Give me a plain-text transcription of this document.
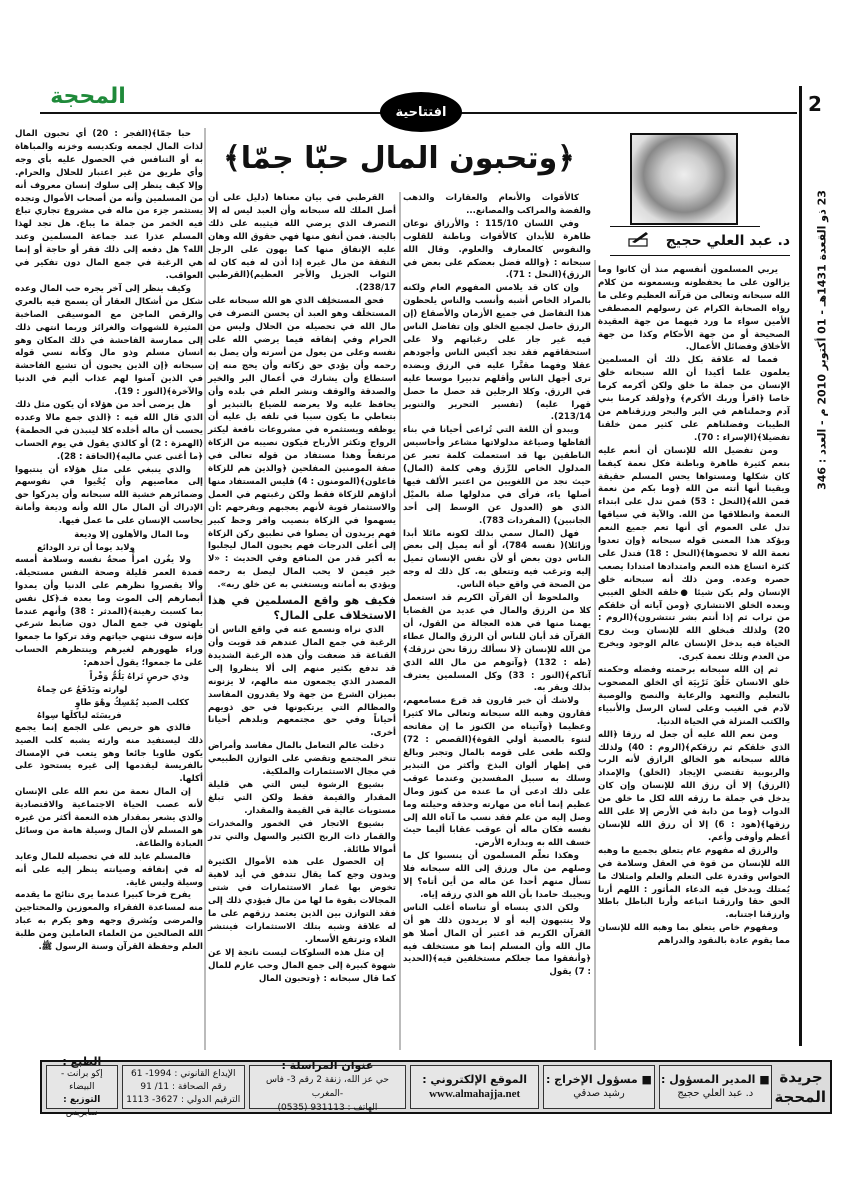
المحجة
افتتاحية	2
23 ذو القعدة 1431هـ - 01 أكتوبر 2010 م - العدد : 346
﴿وتحبون المال حبّا جمّا﴾
د. عبد العلي حجيج

يربي المسلمون أنفسهم منذ أن كانوا وما يزالون على ما يحفظونه ويسمعونه من كلام الله سبحانه وتعالى من قرآنه العظيم وعلى ما رواه الصحابة الكرام عن رسولهم المصطفى الأمين سواء ما ورد فيهما من جهة العقيدة الصحيحة أو من جهة الأحكام وكذا من جهة الأخلاق وفضائل الأعمال.

فمما له علاقة بكل ذلك أن المسلمين يعلمون علما أكيدا أن الله سبحانه خلق الإنسان من جملة ما خلق ولكن أكرمه كرما خاصا ﴿اقرأ وربك الأكرم﴾ و﴿ولقد كرمنا بني آدم وحملناهم في البر والبحر ورزقناهم من الطيبات وفضلناهم على كثير ممن خلقنا تفضيلا﴾(الإسراء : 70).

ومن تفضيل الله للإنسان أن أنعم عليه بنعم كثيرة ظاهرة وباطنة فكل نعمة كيفما كان شكلها ومستواها يحس المسلم حقيقة ويقينا أنها أتته من الله ﴿وما بكم من نعمة فمن الله﴾(النحل : 53) فمن تدل على ابتداء النعمة وانطلاقها من الله. والآية في سياقها تدل على العموم أي أنها تعم جميع النعم ويؤكد هذا المعنى قوله سبحانه ﴿وإن تعدوا نعمة الله لا تحصوها﴾(النحل : 18) فتدل على كثرة اتساع هذه النعم وامتدادها امتدادا يصعب حصره وعده. ومن ذلك أنه سبحانه خلق الإنسان ولم يكن شيئا ●خلقه الخلق الغيبي وبعده الخلق الانتشاري ﴿ومن آياته أن خلقكم من تراب ثم إذا أنتم بشر تنتشرون﴾(الروم : 20) ولذلك فبخلق الله للإنسان وبث روح الحياة فيه يدخل الإنسان عالم الوجود ويخرج من العدم وتلك نعمة كبرى.

ثم إن الله سبحانه برحمته وفضله وحكمته خلق الانسان خَلْقَ تَرْبِيَة أي الخلق المصحوب بالتعليم والتعهد والرعاية والنصح والوصية لآدم في الغيب وعلى لسان الرسل والأنبياء والكتب المنزلة في الحياة الدنيا.

ومن نعم الله عليه أن جعل له رزقا ﴿الله الذي خلقكم ثم رزقكم﴾(الروم : 40) ولذلك فالله سبحانه هو الخالق الرازق لأنه الرب والربوبية تقتضي الإيجاد (الخلق) والإمداد (الرزق) إلا أن رزق الله للإنسان وإن كان يدخل في جملة ما رزقه الله لكل ما خلق من الدواب ﴿وما من دابة في الأرض إلا على الله رزقها﴾(هود : 6) إلا أن رزق الله للإنسان أعظم وأوفى وأعم.

والرزق له مفهوم عام يتعلق بجميع ما وهبه الله للإنسان من قوة في العقل وسلامة في الحواس وقدرة على التعلم والعلم وامتلاك ما يُمتلك ويدخل فيه الدعاء المأثور : اللهم أرنا الحق حقا وارزقنا اتباعه وأرنا الباطل باطلا وارزقنا اجتنابه.

ومفهوم خاص يتعلق بما وهبه الله للإنسان مما يقوم عادة بالنقود والدراهم

كالأقوات والأنعام والعقارات والذهب والفضة والمراكب والمصانع...

وفي اللسان 115/10 : والأرزاق نوعان ظاهرة للأبدان كالأقوات وباطنة للقلوب والنفوس كالمعارف والعلوم. وقال الله سبحانه : ﴿والله فضل بعضكم على بعض في الرزق﴾(النحل : 71).

وإن كان قد يلامس المفهوم العام ولكنه بالمراد الخاص أشبه وأنسب والناس يلحظون هذا التفاضل في جميع الأزمان والأصقاع (إن الرزق حاصل لجميع الخلق وإن تفاضل الناس فيه غير جار على رغباتهم ولا على استحقاقهم فقد تجد أكيس الناس وأجودهم عقلا وفهما مقتَّرا عليه في الرزق وبضده ترى أجهل الناس وأقلهم تدبيرا موسعا عليه في الرزق. وكلا الرجلين قد حصل ما حصل قهرا عليه) (تفسير التحرير والتنوير 213/14).

ويبدو أن اللغة التي تُراعى أحيانا في بناء ألفاظها وصياغة مدلولاتها مشاعر وأحاسيس الناطقين بها قد استعملت كلمة تعبر عن المدلول الخاص للرِّزق وهي كلمة (المال) حيث نجد من اللغويين من اعتبر الألف فيها أصلها ياء، فرأى في مدلولها صلة بالميْل الذي هو (العدول عن الوسط إلى أحد الجانبين) (المفردات 783).

فهل (المال سمي بذلك لكونه مائلا أبدا وزائلا)( نفسه 784)، أو أنه يميل إلى بعض الناس دون بعض أو لأن نفس الإنسان تميل إليه وترغب فيه وتتعلق به. كل ذلك له وجه من الصحة في واقع حياة الناس.

والملحوظ أن القرآن الكريم قد استعمل كلا من الرزق والمال في عديد من القضايا يهمنا منها في هذه العجالة من القول، أن القرآن قد أبان للناس أن الرزق والمال عطاء من الله للإنسان ﴿لا نسألك رزقا نحن نرزقك﴾(طه : 132) ﴿وآتوهم من مال الله الذي آتاكم﴾(النور : 33) وكل المسلمين يعترف بذلك ويقر به.

ولاشك أن خبر قارون قد قرع مسامعهم، فقارون وهبه الله سبحانه وتعالى مالا كثيرا وعظيما ﴿وآتيناه من الكنوز ما إن مفاتحه لتنوء بالعصبة أولي القوة﴾(القصص : 72) ولكنه طغى على قومه بالمال وتجبر وبالغ في إظهار ألوان البذخ وأكثر من التبذير وسلك به سبيل المفسدين وعندما عوقب على ذلك ادعى أن ما عنده من كنوز ومال عظيم إنما أتاه من مهارته وحذقه وحيلته وما وصل إليه من علم فقد نسب ما آتاه الله إلى نفسه فكان ماله أن عوقب عقابا أليما حيث خسف الله به وبداره الأرض.

وهكذا تعلّم المسلمون أن ينسبوا كل ما وصلهم من مال ورزق إلى الله سبحانه فلا تسأل منهم أحدا عن ماله من أين أتاه؟ إلا ويجيبك حامدا بأن الله هو الذي رزقه إياه.

ولكن الذي ينساه أو تناساه أغلب الناس ولا ينتبهون إليه أو لا يريدون ذلك هو أن القرآن الكريم قد اعتبر أن المال أصلا هو مال الله وأن المسلم إنما هو مستخلف فيه ﴿وأنفقوا مما جعلكم مستخلفين فيه﴾(الحديد : 7) يقول

القرطبي في بيان معناها (دليل على أن أصل الملك لله سبحانه وأن العبد ليس له إلا التصرف الذي يرضي الله فيثيبه على ذلك بالجنة. فمن أنفق منها فهي حقوق الله وهان عليه الإنفاق منها كما يهون على الرجل النفقة من مال غيره إذا أذن له فيه كان له الثواب الجزيل والأجر العظيم)(القرطبي 238/17).

فحق المستخلِف الذي هو الله سبحانه على المستخلَف وهو العبد أن يحسن التصرف في مال الله في تحصيله من الحلال وليس من الحرام وفي إنفاقه فيما يرضي الله على نفسه وعلى من يعول من أسرته وأن يصل به رحمه وأن يؤدي حق زكاته وأن يحج منه إن استطاع وأن يشارك في أعمال البر والخير والصدقة والوقف ونشر العلم في بلده وأن يحافظ عليه ولا يعرضه للضياع بالتبذير أو بتعاطي ما يكون سببا في تلفه بل عليه أن يوظفه ويستثمره في مشروعات نافعة ليكثر الرواج وتكثر الأرباح فيكون نصيبه من الزكاة مرتفعاً وهذا مستفاد من قوله تعالى في صفة المومنين المفلحين ﴿والذين هم للزكاة فاعلون﴾(المومنون : 4) فليس المستفاد منها أداؤهم للزكاة فقط ولكن رغبتهم في العمل والاستثمار قوية لأنهم يعجبهم ويفرحهم :أن يسهموا في الزكاة بنصيب وافر وحظ كبير فهم يريدون أن يصلوا في تطبيق ركن الزكاة إلى أعلى الدرجات فهم يحبون المال ليجلبوا به أكبر قدر من المنافع وفي الحديث : «لا خير فيمن لا يحب المال ليصل به رحمه ويؤدي به أمانته ويستغني به عن خلق ربه».

فكيف هو واقع المسلمين في هذا الاستخلاف على المال؟

الذي نراه ونسمع عنه في واقع الناس أن الرغبة في جمع المال عندهم قد قويت وأن القناعة قد ضعفت وأن هذه الرغبة الشديدة قد تدفع بكثير منهم إلى ألا ينظروا إلى المصدر الذي يجمعون منه مالهم، لا يزنونه بميزان الشرع من جهة ولا يقدرون المفاسد والمظالم التي يرتكبونها في حق ذويهم أحياناً وفي حق مجتمعهم وبلدهم أحيانا أخرى.

دخلت عالم التعامل بالمال مفاسد وأمراض تنخر المجتمع وتقضي على التوازن الطبيعي في مجال الاستثمارات والملكية.

بشيوع الرشوة ليس التي هي قليلة المقدار والقيمة فقط ولكن التي تبلغ مستويات عالية في القيمة والمقدار.

بشيوع الاتجار في الخمور والمخدرات والقمار ذات الربح الكثير والسهل والتي تدر أموالا طائلة.

إن الحصول على هذه الأموال الكثيرة وبدون وجع كما يقال تتدفق في أيد لاهية تخوض بها غمار الاستثمارات في شتى المجالات بقوة ما لها من مال فيؤدي ذلك إلى فقد التوازن بين الذين يعتمد رزقهم على ما له علاقة وشبه بتلك الاستثمارات فينتشر الغلاء وترتفع الأسعار.

إن مثل هذه السلوكات ليست ناتجة إلا عن شهوة كبيرة إلى جمع المال وحب عارم للمال كما قال سبحانه : ﴿وتحبون المال

حبا جمّا﴾(الفجر : 20) أي تحبون المال لذات المال لجمعه وتكديسه وخزنه والمباهاة به أو التنافس في الحصول عليه بأي وجه وأي طريق من غير اعتبار للحلال والحرام. وإلا كيف ينظر إلى سلوك إنسان معروف أنه من المسلمين وأنه من أصحاب الأموال وتجده يستثمر جزء من ماله في مشروع تجاري تباع فيه الخمر من جملة ما يباع. هل تجد لهذا المسلم عذرا عند جماعة المسلمين وعند الله؟ هل دفعه إلى ذلك فقر أو حاجة أو إنما هي الرغبة في جمع المال دون تفكير في العواقب.

وكيف ينظر إلى آخر يجره حب المال وعده شكل من أشكال العقار أن يسمح فيه بالعري والرقص الماجن مع الموسيقى الصاخبة المثيرة للشهوات والغرائز وربما انتهى ذلك إلى ممارسة الفاحشة في ذلك المكان وهو انسان مسلم وذو مال وكأنه نسي قوله سبحانه ﴿إن الذين يحبون أن تشيع الفاحشة في الذين آمنوا لهم عذاب أليم في الدنيا والآخرة﴾(النور : 19).

هل يرضى أحد من هؤلاء أن يكون مثل ذلك الذي قال الله فيه : ﴿الذي جمع مالا وعدده يحسب أن ماله أخلده كلا لينبذن في الحطمة﴾(الهمزة : 2) أو كالذي يقول في يوم الحساب ﴿ما أغنى عني ماليه﴾(الحاقة : 28).

والذي ينبغي على مثل هؤلاء أن ينتبهوا إلى معاصيهم وأن يُحْيوا في نفوسهم وضمائرهم خشية الله سبحانه وأن يدركوا حق الإدراك أن المال مال الله وأنه وديعة وأمانة يحاسب الإنسان على ما عمل فيها.

وما المال والأهلون إلا وديعة
ولابد يوما أن ترد الودائع

ولا يغُرن امرأً صحةُ نفسه وسلامة أمسه فمدة العمر قليلة وصحة النفس مستحيلة. وألا يقصروا نظرهم على الدنيا وأن يمدوا أبصارهم إلى الموت وما بعده فـ﴿كل نفس بما كسبت رهينة﴾(المدثر : 38) وأنهم عندما يلهثون في جمع المال دون ضابط شرعي فإنه سوف تنتهي حياتهم وقد تركوا ما جمعوا وراء ظهورهم لغيرهم وينتظرهم الحساب على ما جمعوا؛ يقول أحدهم:

وذي حرصٍ تَراهُ يَلُمُّ وَفْراً
لوارثه ويَدْفَعُ عن حِماهُ
ككلب الصيد يُمْسِكُ وهْوَ طاوٍ
فريسَتَه لياكلَها سِواهُ

فالذي هو حريص على الجمع إنما يجمع ذلك ليستفيد منه وارثه يشبه كلب الصيد يكون طاويا جائعا وهو يتعب في الإمساك بالفريسة ليقدمها إلى غيره يستحوذ على أكلها.

إن المال نعمة من نعم الله على الإنسان لأنه عصب الحياة الاجتماعية والاقتصادية والذي يشعر بمقدار هذه النعمة أكثر من غيره هو المسلم لأن المال وسيلة هامة من وسائل العبادة والطاعة.

فالمسلم عابد لله في تحصيله للمال وعابد له في إنفاقه وصيانته ينظر إليه على أنه وسيلة وليس غاية.

يفرح فرحا كبيرا عندما يرى نتائج ما يقدمه منه لمساعدة الفقراء والمعوزين والمحتاجين والمرضى ويُشرق وجهه وهو يكرم به عباد الله الصالحين من العلماء العاملين ومن طلبة العلم وحفظة القرآن وسنة الرسول ﷺ.

جريدة
المحجة
■ المدير المسؤول :
د. عبد العلي حجيج
■ مسؤول الإخراج :
رشيد صدقي
الموقع الإلكتروني :
www.almahajja.net
عنوان المراسلة :
حي عز الله، زنقة 2 رقم 3- فاس -المغرب
الهاتف : 931113 (0535)
الإيداع القانوني : 1994- 61
رقم الصحافة : 11/ 91
الترقيم الدولي : 3627- 1113
الطبع :
إكو برانت - البيضاء
التوزيع : سابريس
